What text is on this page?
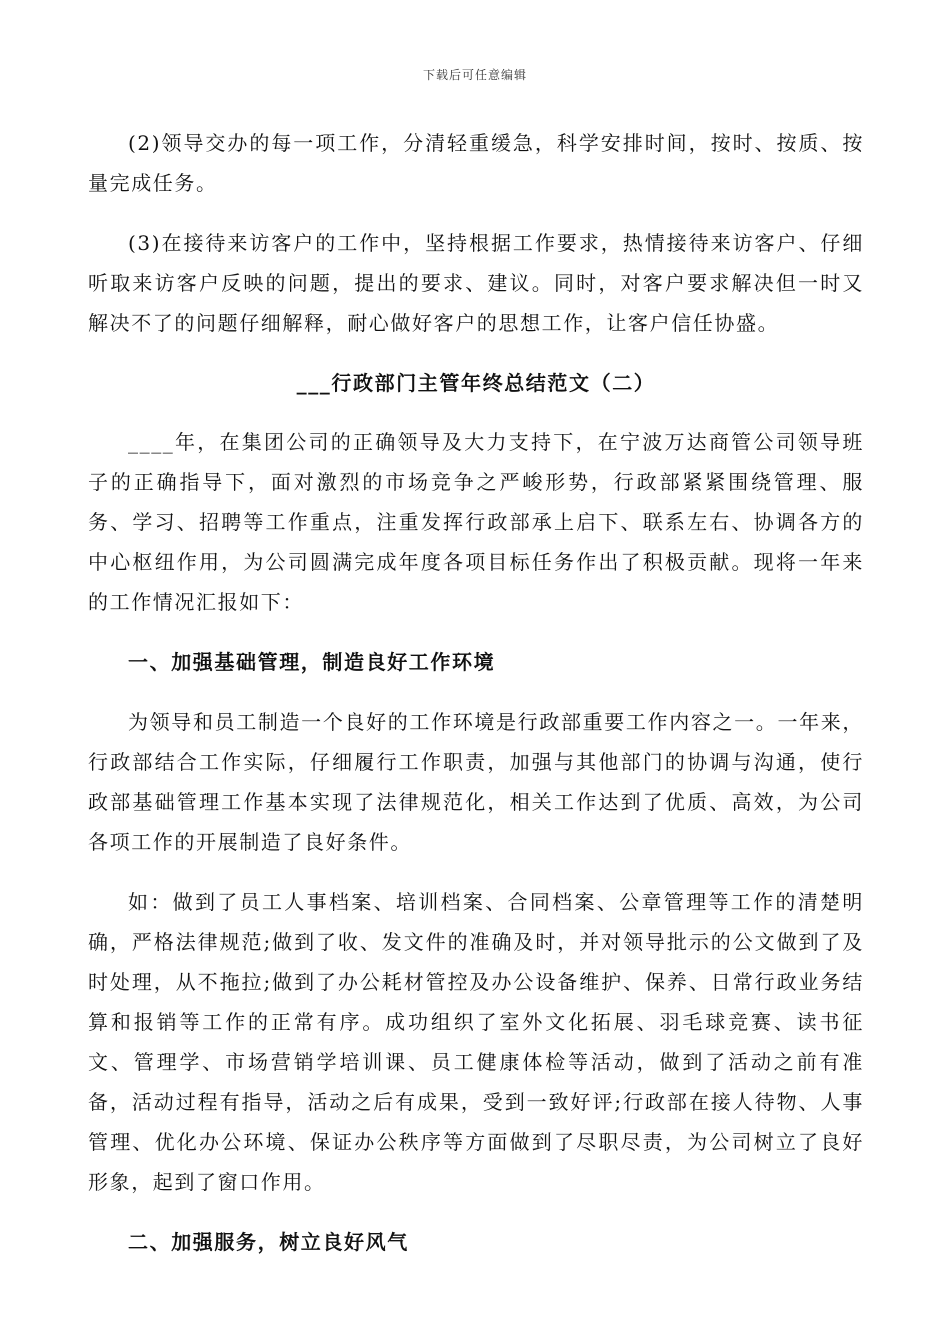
下载后可任意编辑

(2)领导交办的每一项工作，分清轻重缓急，科学安排时间，按时、按质、按量完成任务。

(3)在接待来访客户的工作中，坚持根据工作要求，热情接待来访客户、仔细听取来访客户反映的问题，提出的要求、建议。同时，对客户要求解决但一时又解决不了的问题仔细解释，耐心做好客户的思想工作，让客户信任协盛。

___行政部门主管年终总结范文（二）

____年，在集团公司的正确领导及大力支持下，在宁波万达商管公司领导班子的正确指导下，面对激烈的市场竞争之严峻形势，行政部紧紧围绕管理、服务、学习、招聘等工作重点，注重发挥行政部承上启下、联系左右、协调各方的中心枢纽作用，为公司圆满完成年度各项目标任务作出了积极贡献。现将一年来的工作情况汇报如下：

一、加强基础管理，制造良好工作环境

为领导和员工制造一个良好的工作环境是行政部重要工作内容之一。一年来，行政部结合工作实际，仔细履行工作职责，加强与其他部门的协调与沟通，使行政部基础管理工作基本实现了法律规范化，相关工作达到了优质、高效，为公司各项工作的开展制造了良好条件。

如：做到了员工人事档案、培训档案、合同档案、公章管理等工作的清楚明确，严格法律规范;做到了收、发文件的准确及时，并对领导批示的公文做到了及时处理，从不拖拉;做到了办公耗材管控及办公设备维护、保养、日常行政业务结算和报销等工作的正常有序。成功组织了室外文化拓展、羽毛球竞赛、读书征文、管理学、市场营销学培训课、员工健康体检等活动，做到了活动之前有准备，活动过程有指导，活动之后有成果，受到一致好评;行政部在接人待物、人事管理、优化办公环境、保证办公秩序等方面做到了尽职尽责，为公司树立了良好形象，起到了窗口作用。

二、加强服务，树立良好风气
